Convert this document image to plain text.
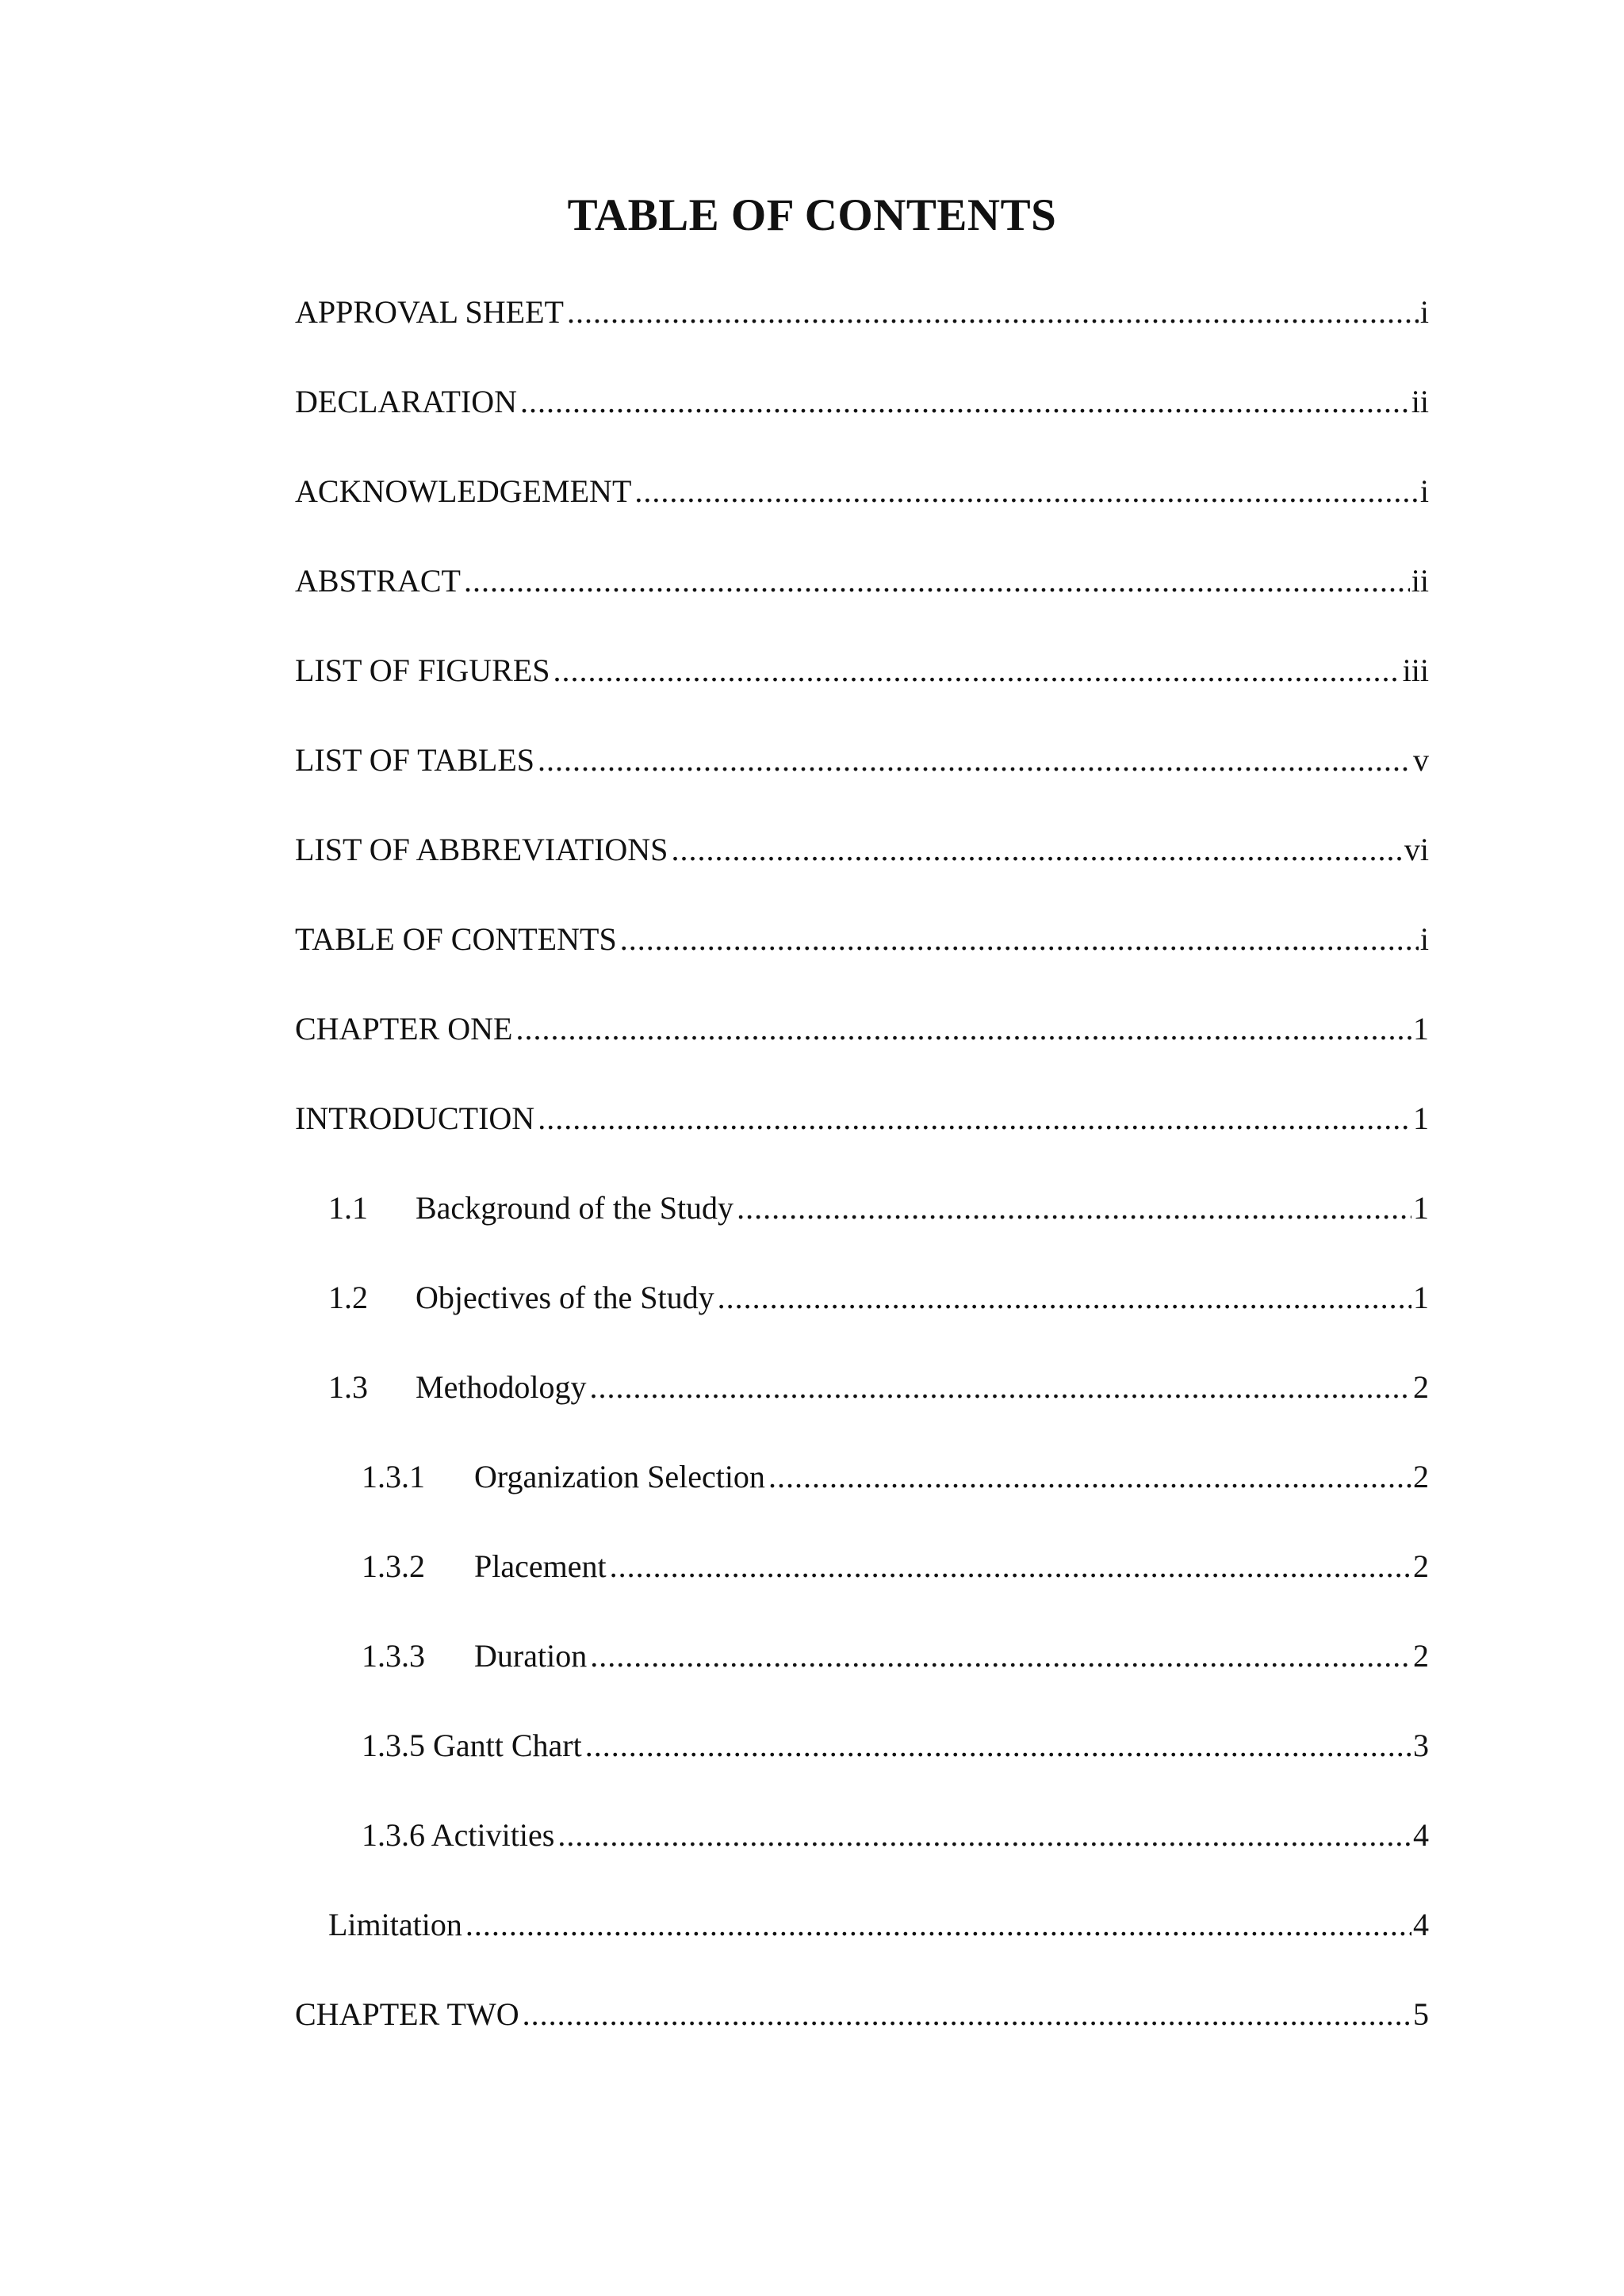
TABLE OF CONTENTS
APPROVAL SHEET .....	i
DECLARATION .....	ii
ACKNOWLEDGEMENT .....	i
ABSTRACT .....	ii
LIST OF FIGURES .....	iii
LIST OF TABLES .....	v
LIST OF ABBREVIATIONS .....	vi
TABLE OF CONTENTS .....	i
CHAPTER ONE .....	1
INTRODUCTION .....	1
1.1	Background of the Study .....	1
1.2	Objectives of the Study .....	1
1.3	Methodology .....	2
1.3.1	Organization Selection .....	2
1.3.2	Placement .....	2
1.3.3	Duration .....	2
1.3.5 Gantt Chart .....	3
1.3.6 Activities .....	4
Limitation .....	4
CHAPTER TWO .....	5
